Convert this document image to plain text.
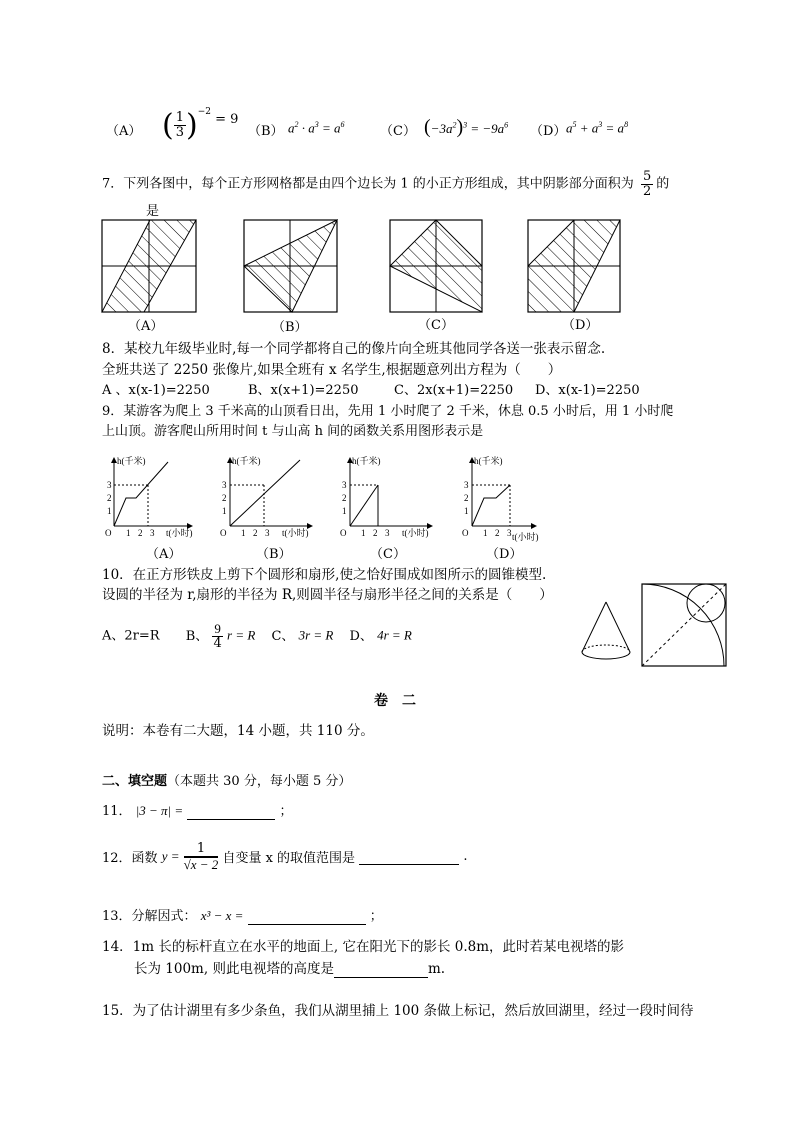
（A） ( $\frac{1}{3} )^{-2} = 9$
（B） $a^2 \cdot a^3 = a^6$	（C） $(-3a^2)^3 = -9a^6$ （D） $a^5 + a^3 = a^8$
7．下列各图中，每个正方形网格都是由四个边长为 1 的小正方形组成，其中阴影部分面积为 $\frac{5}{2}$ 的
是
（A）	（B）	（C）	（D）
8．某校九年级毕业时,每一个同学都将自己的像片向全班其他同学各送一张表示留念.
全班共送了 2250 张像片,如果全班有 x 名学生,根据题意列出方程为（　　）
A 、x(x-1)=2250	B、x(x+1)=2250	C、2x(x+1)=2250 D、x(x-1)=2250
9．某游客为爬上 3 千米高的山顶看日出，先用 1 小时爬了 2 千米，休息 0.5 小时后，用 1 小时爬
上山顶。游客爬山所用时间 t 与山高 h 间的函数关系用图形表示是
h(千米)
t(小时)
O 1 2 3
3
2
1
h(千米)
t(小时)
O 1 2 3
3
2
1
h(千米)
t(小时)
O 1 2 3
3
2
1
h(千米)
t(小时)
O 1 2 3
3
2
1
（A）	（B）	（C）	（D）
10．在正方形铁皮上剪下个圆形和扇形,使之恰好围成如图所示的圆锥模型.
设圆的半径为 r,扇形的半径为 R,则圆半径与扇形半径之间的关系是（　　）
A、2r=R B、 $\frac{9}{4}$ r = R C、 3r = R D、 4r = R
卷　二
说明：本卷有二大题，14 小题，共 110 分。
二、填空题（本题共 30 分，每小题 5 分）
11． |3 − π| =	；
12．函数 $y = \frac{1}{√x - 2}$ 自变量 x 的取值范围是	.
13．分解因式： x³ − x =	；
14．1m 长的标杆直立在水平的地面上, 它在阳光下的影长 0.8m，此时若某电视塔的影
长为 100m, 则此电视塔的高度是	m.
15．为了估计湖里有多少条鱼，我们从湖里捕上 100 条做上标记，然后放回湖里，经过一段时间待
